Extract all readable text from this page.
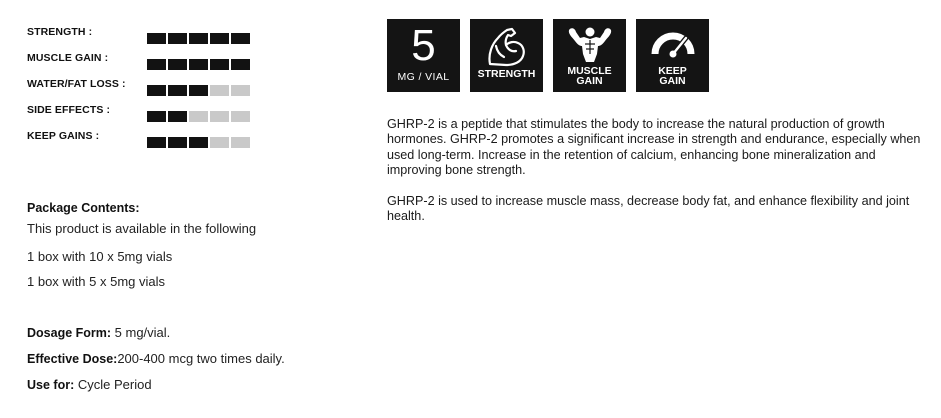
STRENGTH :
MUSCLE GAIN :
WATER/FAT LOSS :
SIDE EFFECTS :
KEEP GAINS :
Package Contents:
This product is available in the following
1 box with 10 x 5mg vials
1 box with 5 x 5mg vials
Dosage Form: 5 mg/vial.
Effective Dose:200-400 mcg two times daily.
Use for: Cycle Period
5
MG / VIAL	STRENGTH	MUSCLE
GAIN
KEEP
GAIN

GHRP-2 is a peptide that stimulates the body to increase the natural production of growth hormones. GHRP-2 promotes a significant increase in strength and endurance, especially when used long-term. Increase in the retention of calcium, enhancing bone mineralization and improving bone strength.

GHRP-2 is used to increase muscle mass, decrease body fat, and enhance flexibility and joint health.
